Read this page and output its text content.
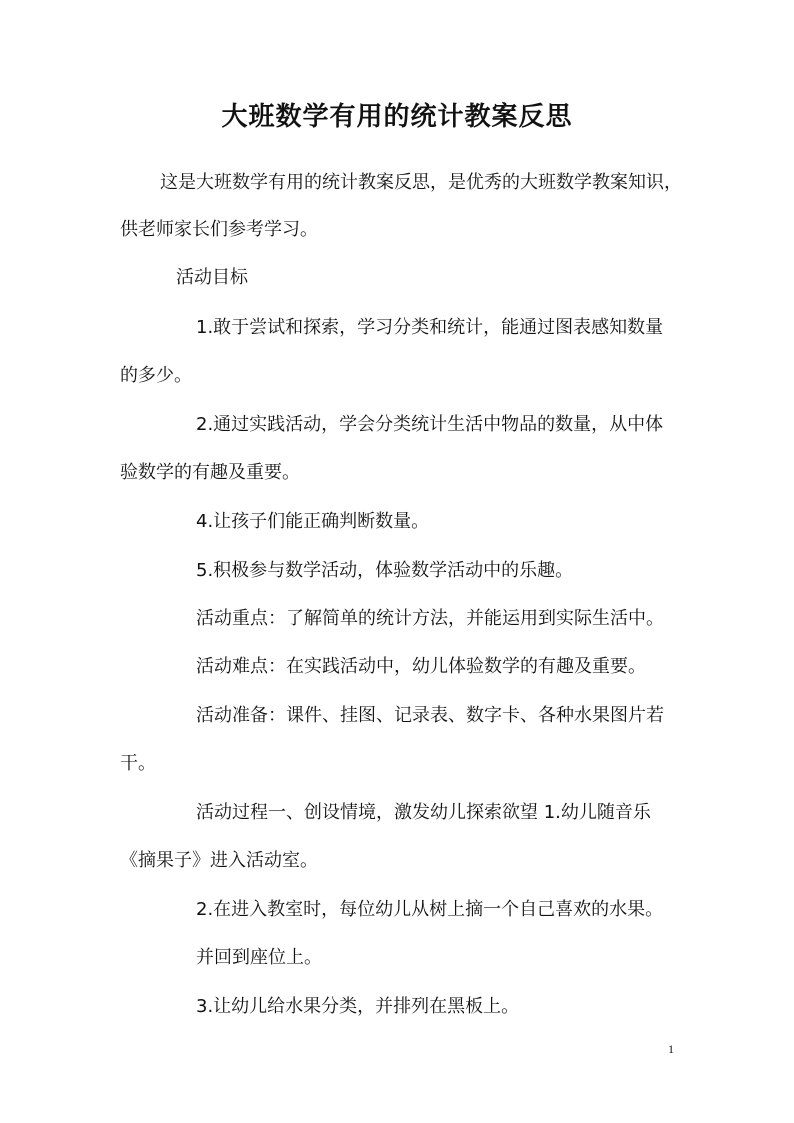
大班数学有用的统计教案反思
这是大班数学有用的统计教案反思，是优秀的大班数学教案知识，
供老师家长们参考学习。
活动目标
1.敢于尝试和探索，学习分类和统计，能通过图表感知数量
的多少。
2.通过实践活动，学会分类统计生活中物品的数量，从中体
验数学的有趣及重要。
4.让孩子们能正确判断数量。
5.积极参与数学活动，体验数学活动中的乐趣。
活动重点：了解简单的统计方法，并能运用到实际生活中。
活动难点：在实践活动中，幼儿体验数学的有趣及重要。
活动准备：课件、挂图、记录表、数字卡、各种水果图片若
干。
活动过程一、创设情境，激发幼儿探索欲望 1.幼儿随音乐
《摘果子》进入活动室。
2.在进入教室时，每位幼儿从树上摘一个自己喜欢的水果。
并回到座位上。
3.让幼儿给水果分类，并排列在黑板上。
1
